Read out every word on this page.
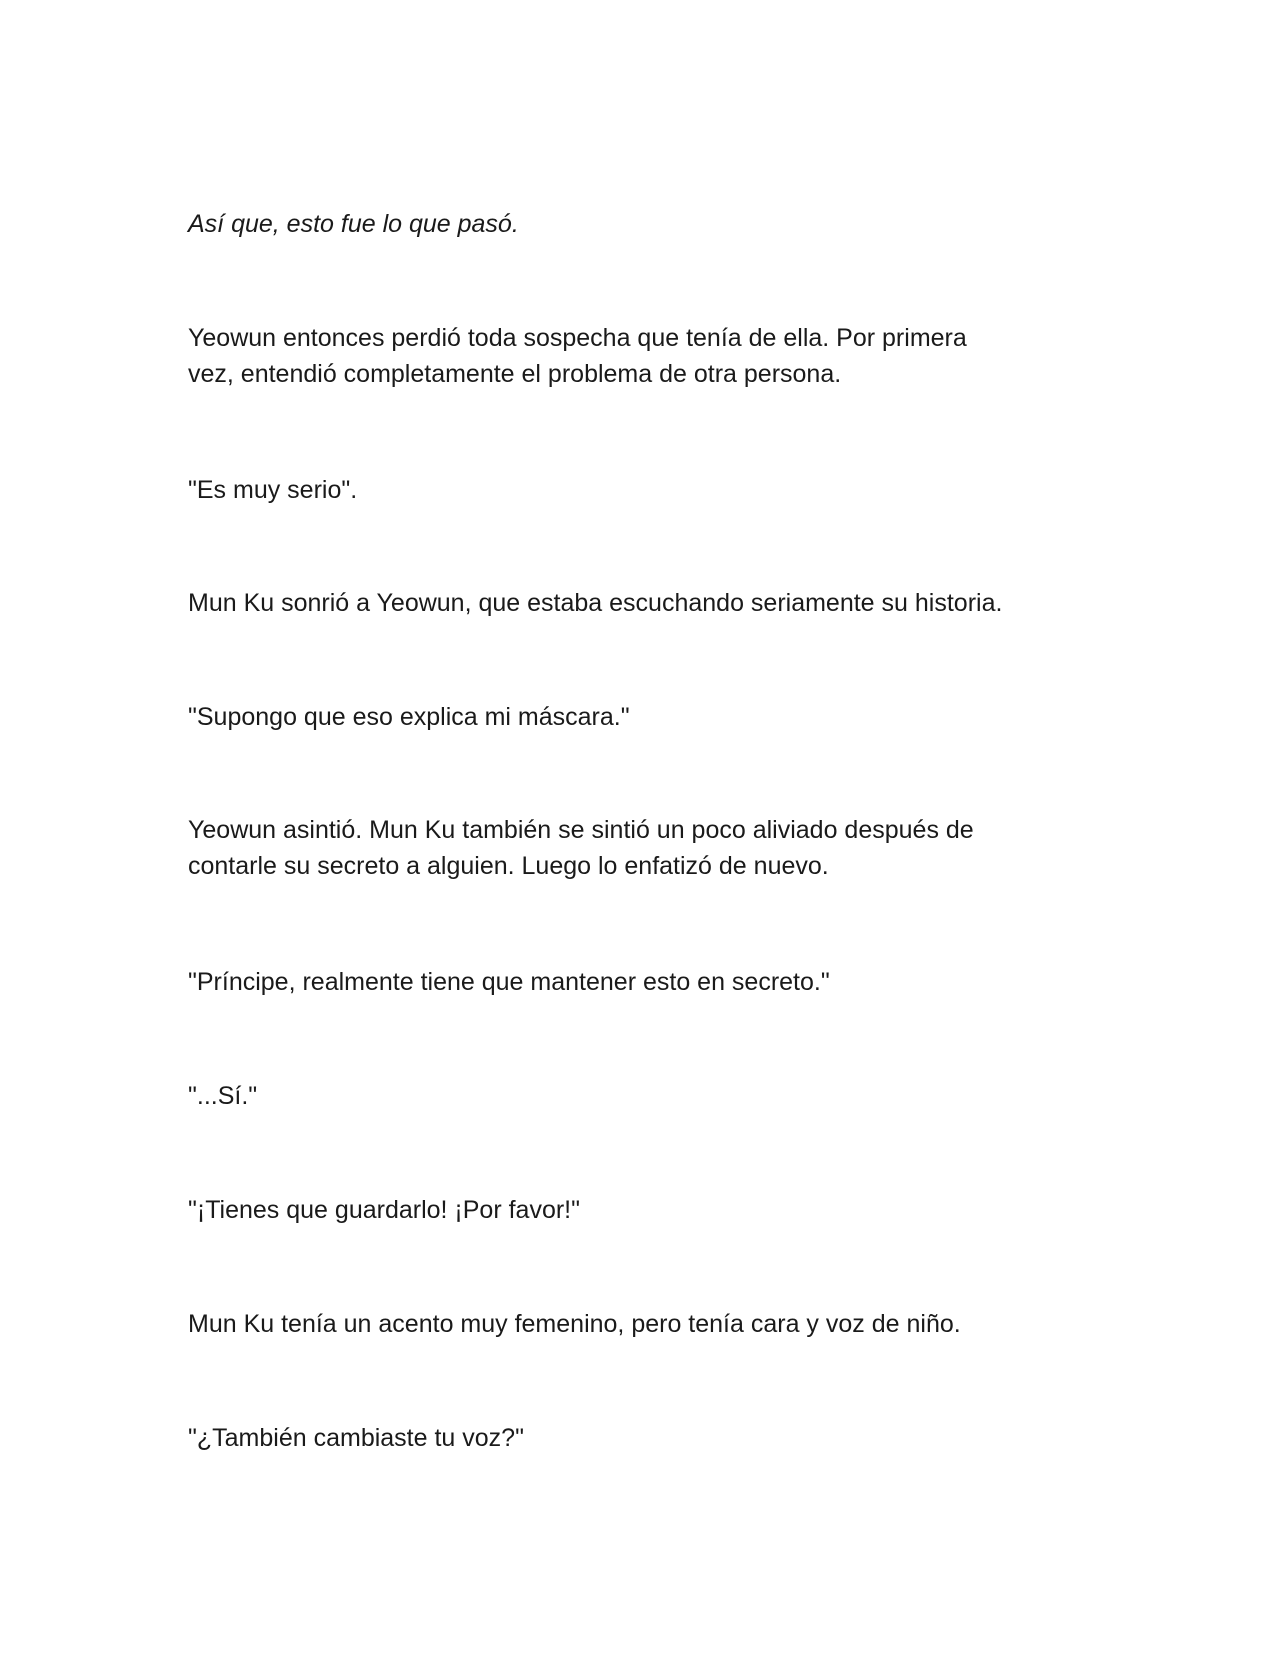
Así que, esto fue lo que pasó.

Yeowun entonces perdió toda sospecha que tenía de ella. Por primera
vez, entendió completamente el problema de otra persona.

"Es muy serio".

Mun Ku sonrió a Yeowun, que estaba escuchando seriamente su historia.

"Supongo que eso explica mi máscara."

Yeowun asintió. Mun Ku también se sintió un poco aliviado después de
contarle su secreto a alguien. Luego lo enfatizó de nuevo.

"Príncipe, realmente tiene que mantener esto en secreto."

"...Sí."

"¡Tienes que guardarlo! ¡Por favor!"

Mun Ku tenía un acento muy femenino, pero tenía cara y voz de niño.

"¿También cambiaste tu voz?"
